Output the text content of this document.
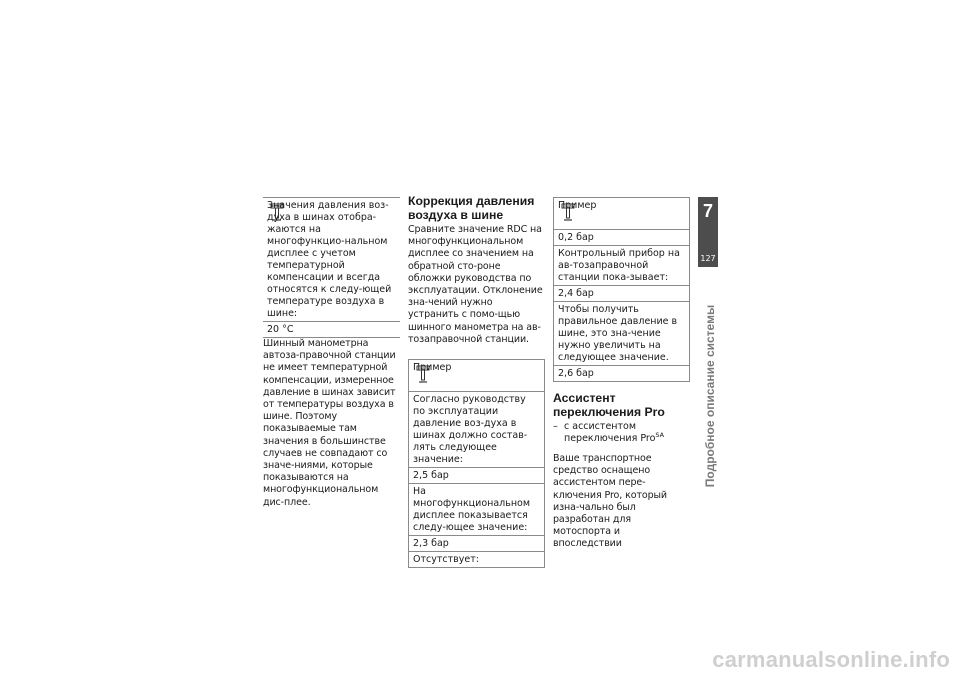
Значения давления воз-духа в шинах отобра-жаются на многофункцио-нальном дисплее с учетом температурной компенсации и всегда относятся к следу-ющей температуре воздуха в шине:
20 °C
Шинный манометрна автоза-правочной станции не имеет температурной компенсации, измеренное давление в шинах зависит от температуры воздуха в шине. Поэтому показываемые там значения в большинстве случаев не совпадают со значе-ниями, которые показываются на многофункциональном дис-плее.
Коррекция давления воздуха в шине
Сравните значение RDC на многофункциональном дисплее со значением на обратной сто-роне обложки руководства по эксплуатации. Отклонение зна-чений нужно устранить с помо-щью шинного манометра на ав-тозаправочной станции.
Пример
Согласно руководству по эксплуатации давление воз-духа в шинах должно состав-лять следующее значение:
2,5 бар
На многофункциональном дисплее показывается следу-ющее значение:
2,3 бар
Отсутствует:
Пример
0,2 бар
Контрольный прибор на ав-тозаправочной станции пока-зывает:
2,4 бар
Чтобы получить правильное давление в шине, это зна-чение нужно увеличить на следующее значение.
2,6 бар
Ассистент переключения Pro
– с ассистентом переключения Pro$^{SA}$
Ваше транспортное средство оснащено ассистентом пере-ключения Pro, который изна-чально был разработан для мотоспорта и впоследствии
7
127
Подробное описание системы
carmanualsonline.info
